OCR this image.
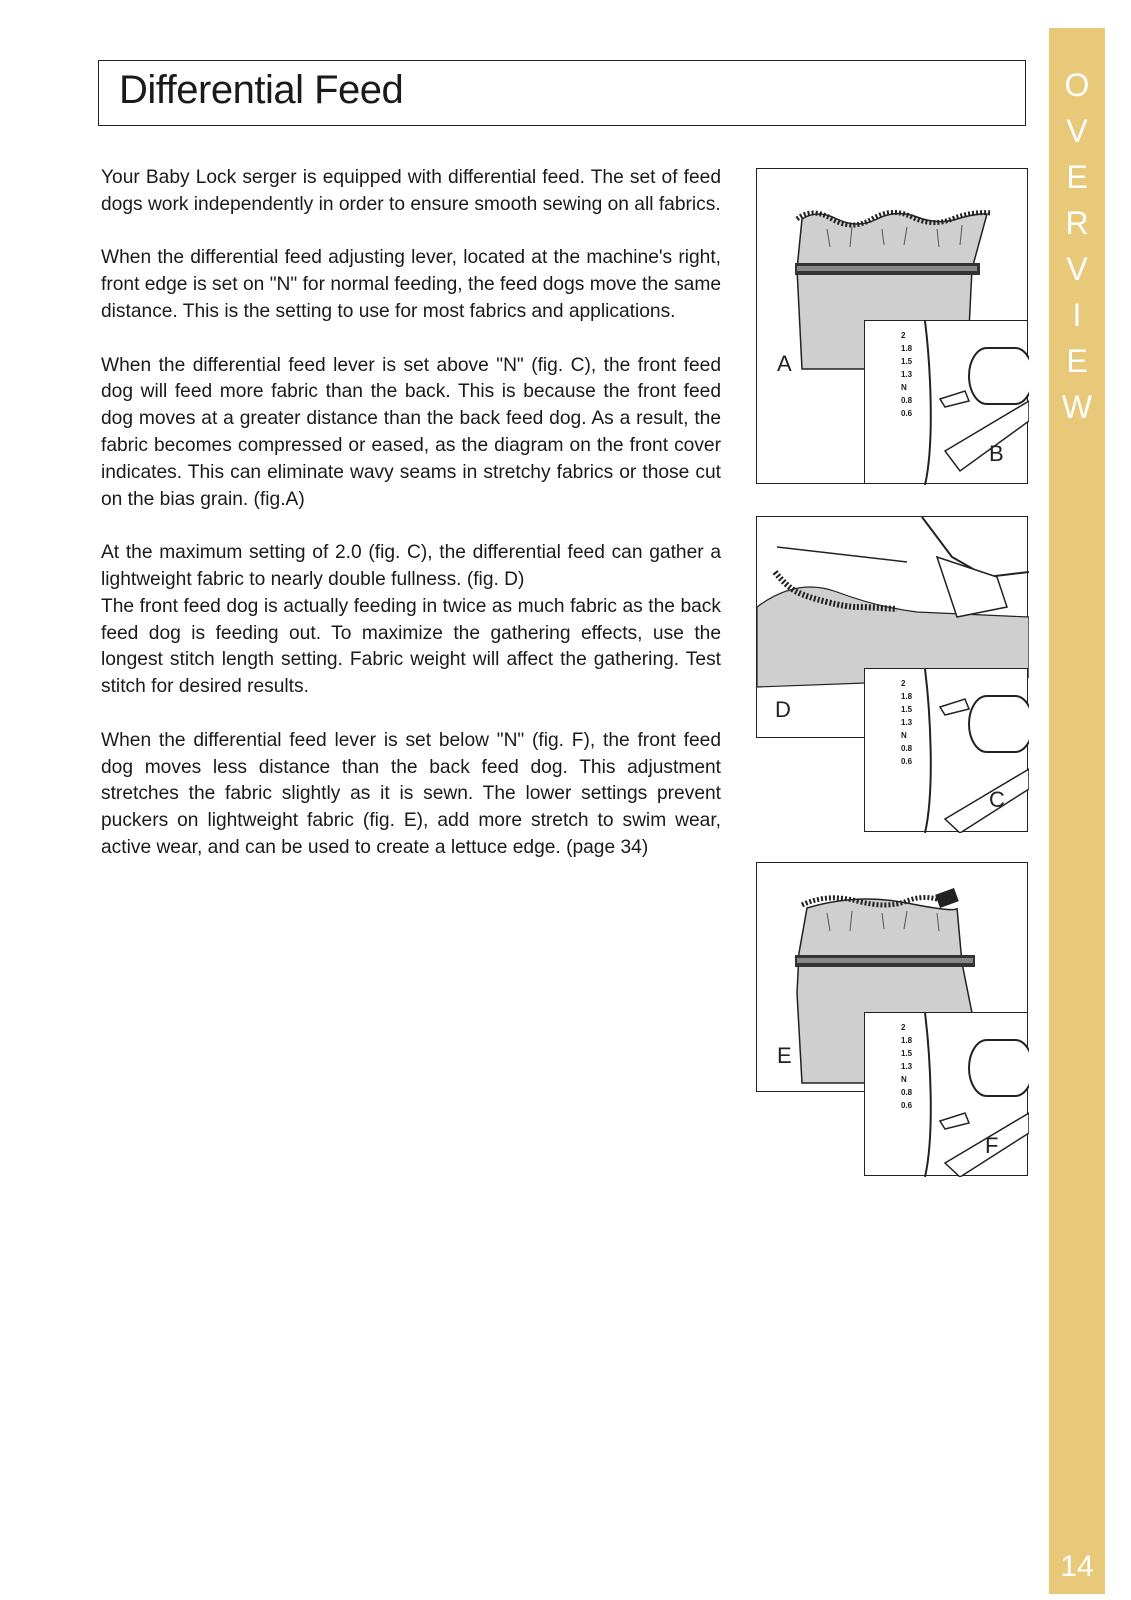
Differential Feed

Your Baby Lock serger is equipped with differential feed. The set of feed dogs work independently in order to ensure smooth sewing on all fabrics.

When the differential feed adjusting lever, located at the machine's right, front edge is set on "N" for normal feeding, the feed dogs move the same distance. This is the setting to use for most fabrics and applications.

When the differential feed lever is set above "N" (fig. C), the front feed dog will feed more fabric than the back. This is because the front feed dog moves at a greater distance than the back feed dog. As a result, the fabric becomes compressed or eased, as the diagram on the front cover indicates. This can eliminate wavy seams in stretchy fabrics or those cut on the bias grain. (fig.A)

At the maximum setting of 2.0 (fig. C), the differential feed can gather a lightweight fabric to nearly double fullness. (fig. D)

The front feed dog is actually feeding in twice as much fabric as the back feed dog is feeding out. To maximize the gathering effects, use the longest stitch length setting. Fabric weight will affect the gathering. Test stitch for desired results.

When the differential feed lever is set below "N" (fig. F), the front feed dog moves less distance than the back feed dog. This adjustment stretches the fabric slightly as it is sewn. The lower settings prevent puckers on lightweight fabric (fig. E), add more stretch to swim wear, active wear, and can be used to create a lettuce edge. (page 34)

A
2
1.8
1.5
1.3
N
0.8
0.6
B
D
2
1.8
1.5
1.3
N
0.8
0.6
C
E
2
1.8
1.5
1.3
N
0.8
0.6
F
O
V
E
R
V
I
E
W
14
